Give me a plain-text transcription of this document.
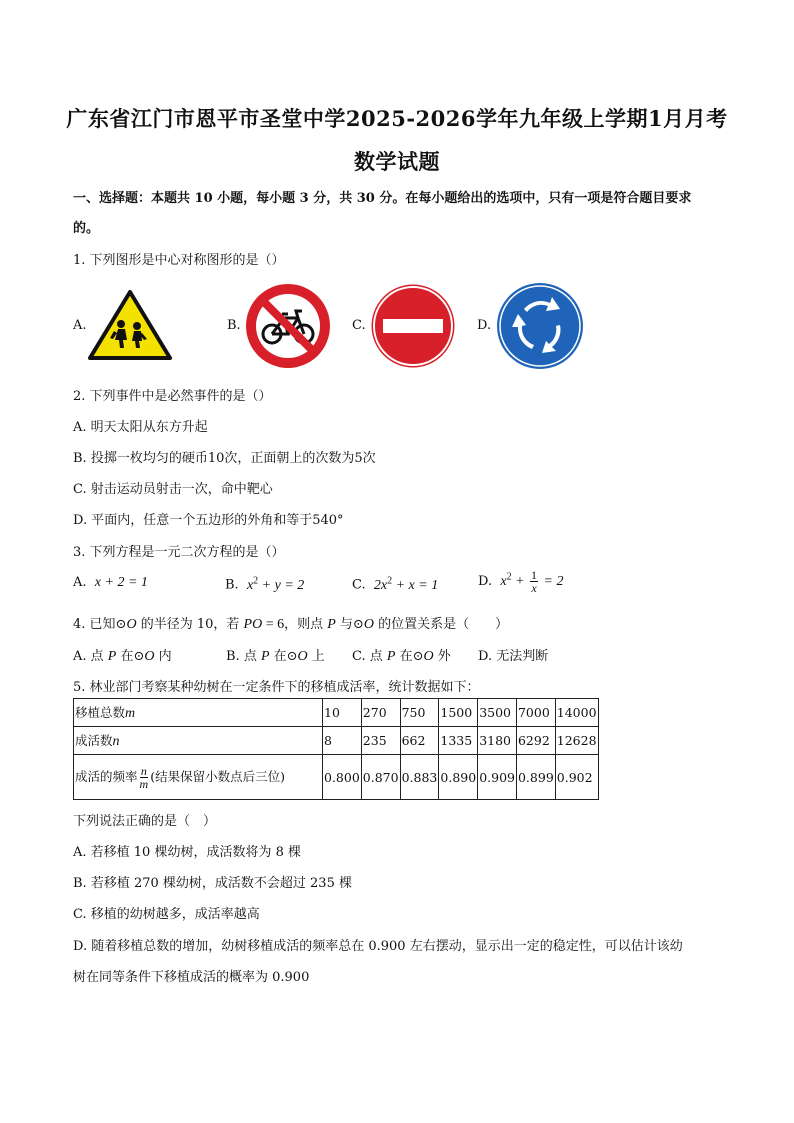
广东省江门市恩平市圣堂中学2025-2026学年九年级上学期1月月考
数学试题
一、选择题：本题共 10 小题，每小题 3 分，共 30 分。在每小题给出的选项中，只有一项是符合题目要求
的。
1. 下列图形是中心对称图形的是（）
A.	B.	C.	D.
2. 下列事件中是必然事件的是（）
A. 明天太阳从东方升起
B. 投掷一枚均匀的硬币10次，正面朝上的次数为5次
C. 射击运动员射击一次，命中靶心
D. 平面内，任意一个五边形的外角和等于540°
3. 下列方程是一元二次方程的是（）
A. x + 2 = 1	B. $x^2 + y = 2$	C. $2x^2 + x = 1$	D. $x^2 + \frac{1}{x} = 2$
4. 已知⊙O 的半径为 10，若 PO = 6，则点 P 与⊙O 的位置关系是（　　）
A. 点 P 在⊙O 内	B. 点 P 在⊙O 上 C. 点 P 在⊙O 外 D. 无法判断
5. 林业部门考察某种幼树在一定条件下的移植成活率，统计数据如下：
移植总数m	10	270	750	1500	3500	7000	14000
成活数n	8	235	662	1335	3180	6292	12628
成活的频率 $\frac{n}{m}$ (结果保留小数点后三位)	0.800	0.870	0.883	0.890	0.909	0.899	0.902
下列说法正确的是（　）
A. 若移植 10 棵幼树，成活数将为 8 棵
B. 若移植 270 棵幼树，成活数不会超过 235 棵
C. 移植的幼树越多，成活率越高
D. 随着移植总数的增加，幼树移植成活的频率总在 0.900 左右摆动，显示出一定的稳定性，可以估计该幼
树在同等条件下移植成活的概率为 0.900
